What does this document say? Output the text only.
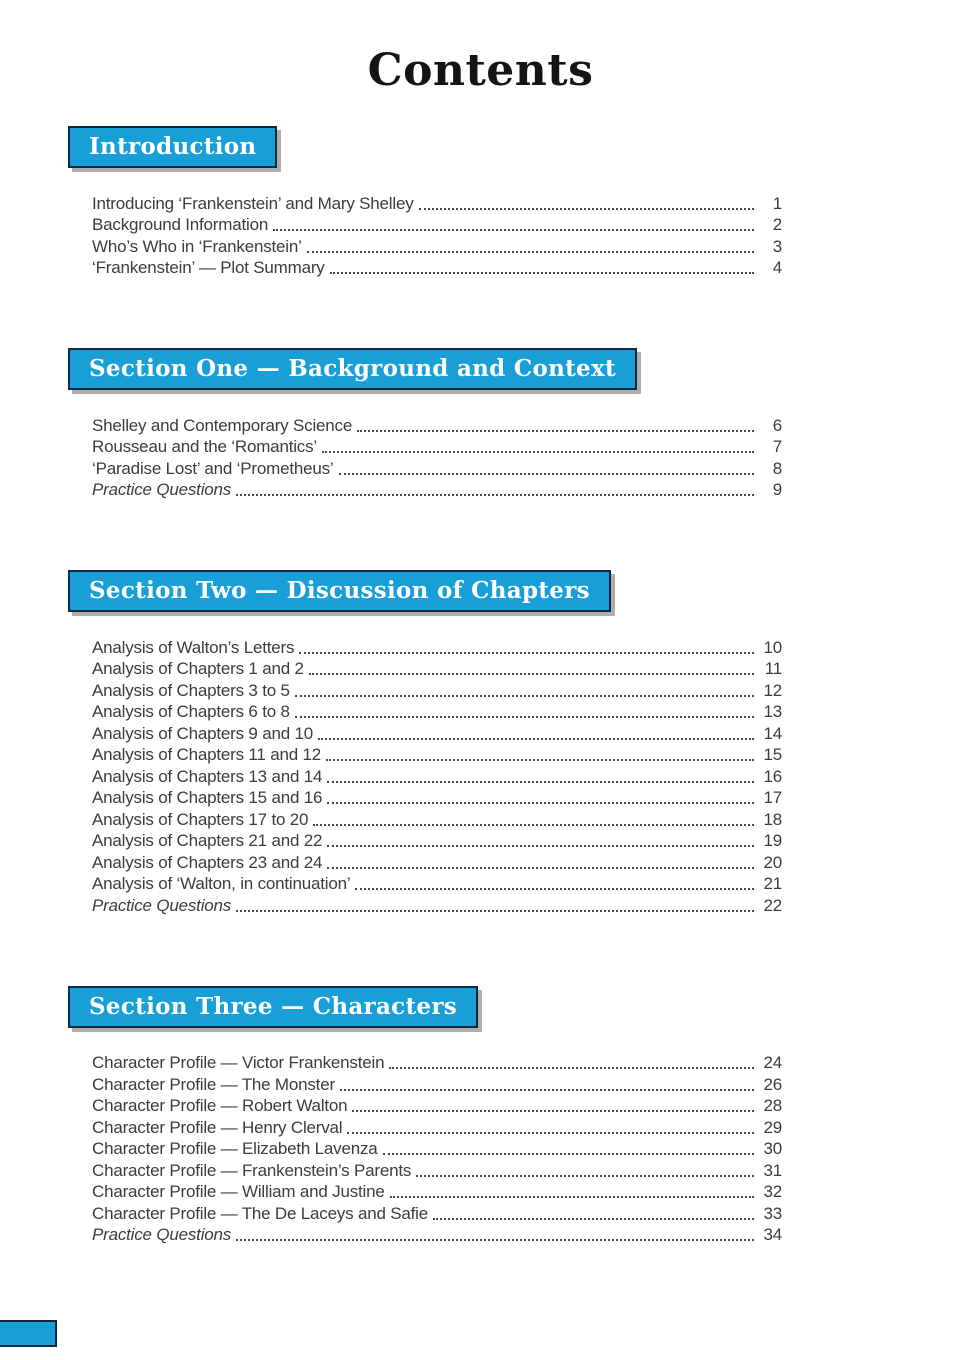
Contents
Introduction
Introducing ‘Frankenstein’ and Mary Shelley	1
Background Information	2
Who’s Who in ‘Frankenstein’	3
‘Frankenstein’ — Plot Summary	4
Section One — Background and Context
Shelley and Contemporary Science	6
Rousseau and the ‘Romantics’	7
‘Paradise Lost’ and ‘Prometheus’	8
Practice Questions	9
Section Two — Discussion of Chapters
Analysis of Walton’s Letters	10
Analysis of Chapters 1 and 2	11
Analysis of Chapters 3 to 5	12
Analysis of Chapters 6 to 8	13
Analysis of Chapters 9 and 10	14
Analysis of Chapters 11 and 12	15
Analysis of Chapters 13 and 14	16
Analysis of Chapters 15 and 16	17
Analysis of Chapters 17 to 20	18
Analysis of Chapters 21 and 22	19
Analysis of Chapters 23 and 24	20
Analysis of ‘Walton, in continuation’	21
Practice Questions	22
Section Three — Characters
Character Profile — Victor Frankenstein	24
Character Profile — The Monster	26
Character Profile — Robert Walton	28
Character Profile — Henry Clerval	29
Character Profile — Elizabeth Lavenza	30
Character Profile — Frankenstein’s Parents	31
Character Profile — William and Justine	32
Character Profile — The De Laceys and Safie	33
Practice Questions	34
